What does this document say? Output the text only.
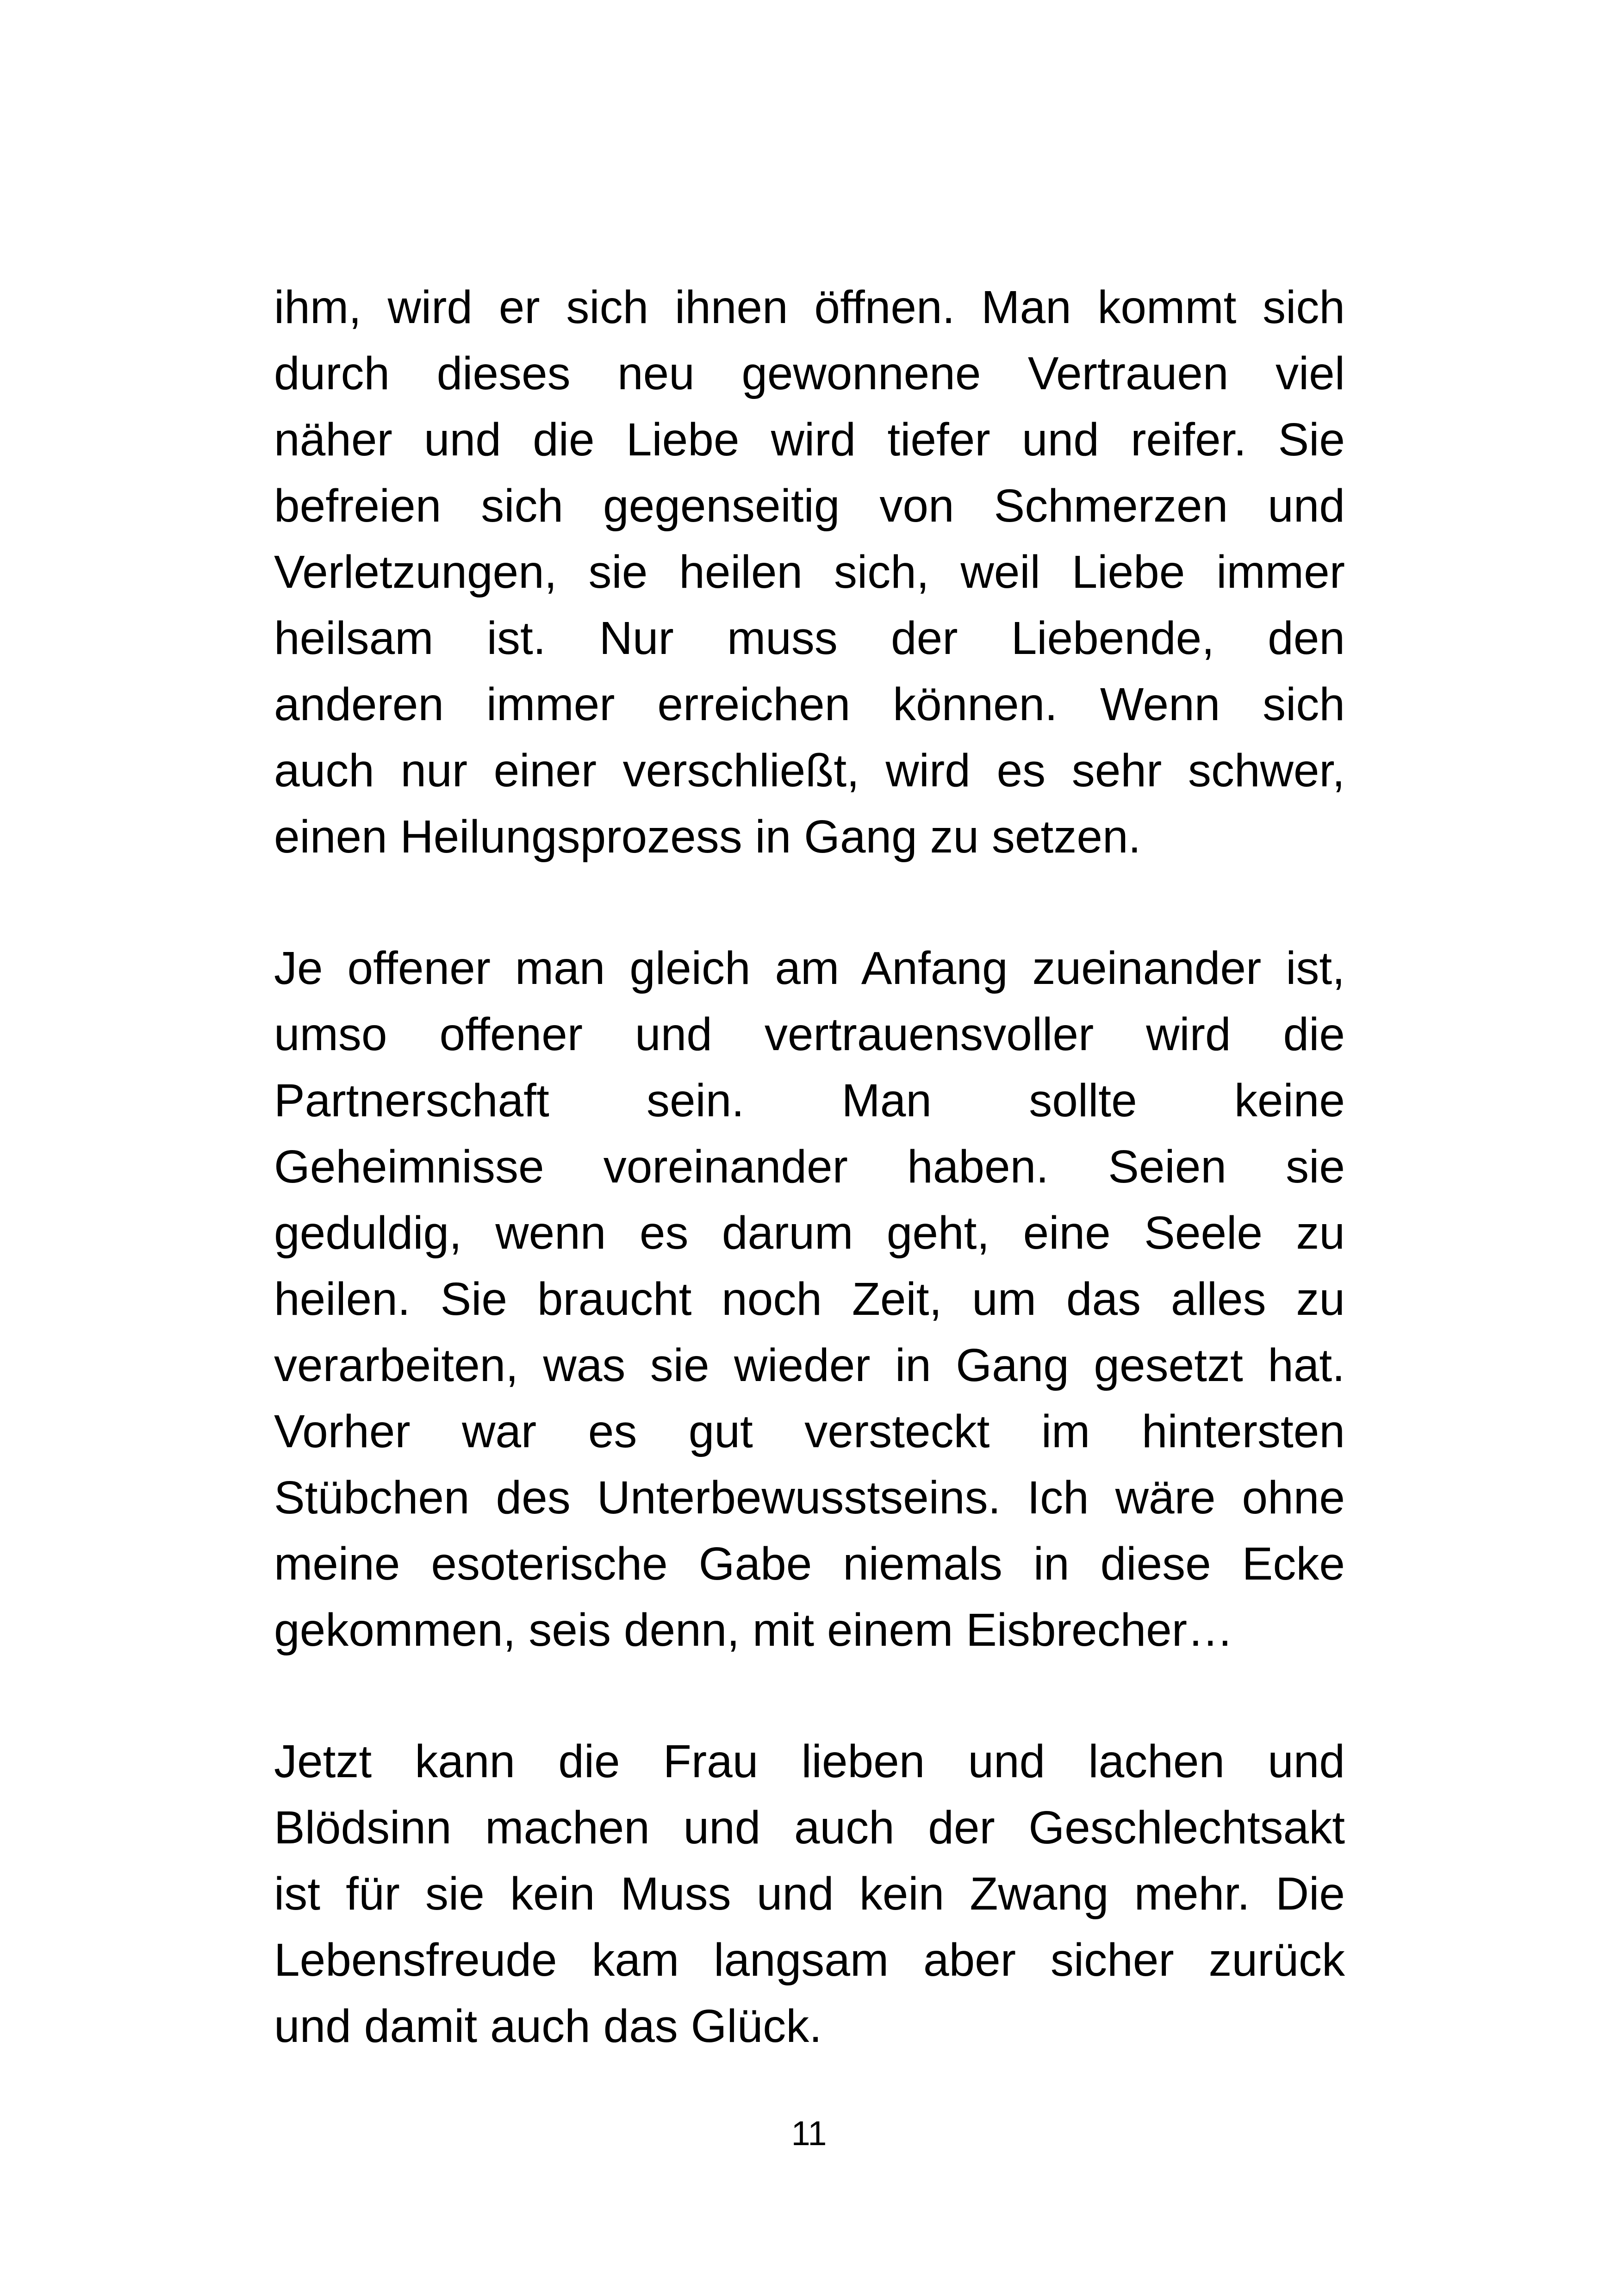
ihm, wird er sich ihnen öffnen. Man kommt sich
durch dieses neu gewonnene Vertrauen viel
näher und die Liebe wird tiefer und reifer. Sie
befreien sich gegenseitig von Schmerzen und
Verletzungen, sie heilen sich, weil Liebe immer
heilsam ist. Nur muss der Liebende, den
anderen immer erreichen können. Wenn sich
auch nur einer verschließt, wird es sehr schwer,
einen Heilungsprozess in Gang zu setzen.
Je offener man gleich am Anfang zueinander ist,
umso offener und vertrauensvoller wird die
Partnerschaft sein. Man sollte keine
Geheimnisse voreinander haben. Seien sie
geduldig, wenn es darum geht, eine Seele zu
heilen. Sie braucht noch Zeit, um das alles zu
verarbeiten, was sie wieder in Gang gesetzt hat.
Vorher war es gut versteckt im hintersten
Stübchen des Unterbewusstseins. Ich wäre ohne
meine esoterische Gabe niemals in diese Ecke
gekommen, seis denn, mit einem Eisbrecher…
Jetzt kann die Frau lieben und lachen und
Blödsinn machen und auch der Geschlechtsakt
ist für sie kein Muss und kein Zwang mehr. Die
Lebensfreude kam langsam aber sicher zurück
und damit auch das Glück.
11
